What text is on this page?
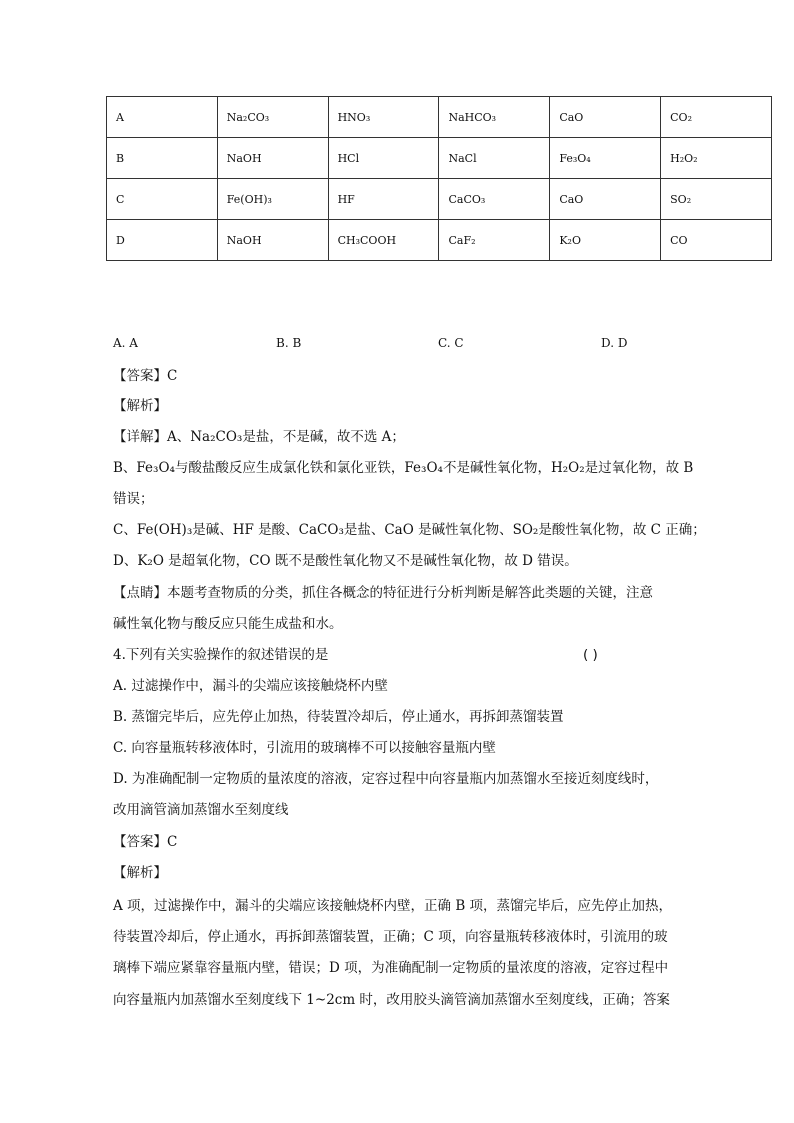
A	Na₂CO₃	HNO₃	NaHCO₃	CaO	CO₂
B	NaOH	HCl	NaCl	Fe₃O₄	H₂O₂
C	Fe(OH)₃	HF	CaCO₃	CaO	SO₂
D	NaOH	CH₃COOH	CaF₂	K₂O	CO
A. A	B. B	C. C	D. D
【答案】C
【解析】
【详解】A、Na₂CO₃是盐，不是碱，故不选 A；
B、Fe₃O₄与酸盐酸反应生成氯化铁和氯化亚铁，Fe₃O₄不是碱性氧化物，H₂O₂是过氧化物，故 B
错误；
C、Fe(OH)₃是碱、HF 是酸、CaCO₃是盐、CaO 是碱性氧化物、SO₂是酸性氧化物，故 C 正确；
D、K₂O 是超氧化物，CO 既不是酸性氧化物又不是碱性氧化物，故 D 错误。
【点睛】本题考查物质的分类，抓住各概念的特征进行分析判断是解答此类题的关键，注意
碱性氧化物与酸反应只能生成盐和水。
4.下列有关实验操作的叙述错误的是	( )
A. 过滤操作中，漏斗的尖端应该接触烧杯内壁
B. 蒸馏完毕后，应先停止加热，待装置冷却后，停止通水，再拆卸蒸馏装置
C. 向容量瓶转移液体时，引流用的玻璃棒不可以接触容量瓶内壁
D. 为准确配制一定物质的量浓度的溶液，定容过程中向容量瓶内加蒸馏水至接近刻度线时，
改用滴管滴加蒸馏水至刻度线
【答案】C
【解析】
A 项，过滤操作中，漏斗的尖端应该接触烧杯内壁，正确 B 项，蒸馏完毕后，应先停止加热，
待装置冷却后，停止通水，再拆卸蒸馏装置，正确；C 项，向容量瓶转移液体时，引流用的玻
璃棒下端应紧靠容量瓶内壁，错误；D 项，为准确配制一定物质的量浓度的溶液，定容过程中
向容量瓶内加蒸馏水至刻度线下 1~2cm 时，改用胶头滴管滴加蒸馏水至刻度线，正确；答案
